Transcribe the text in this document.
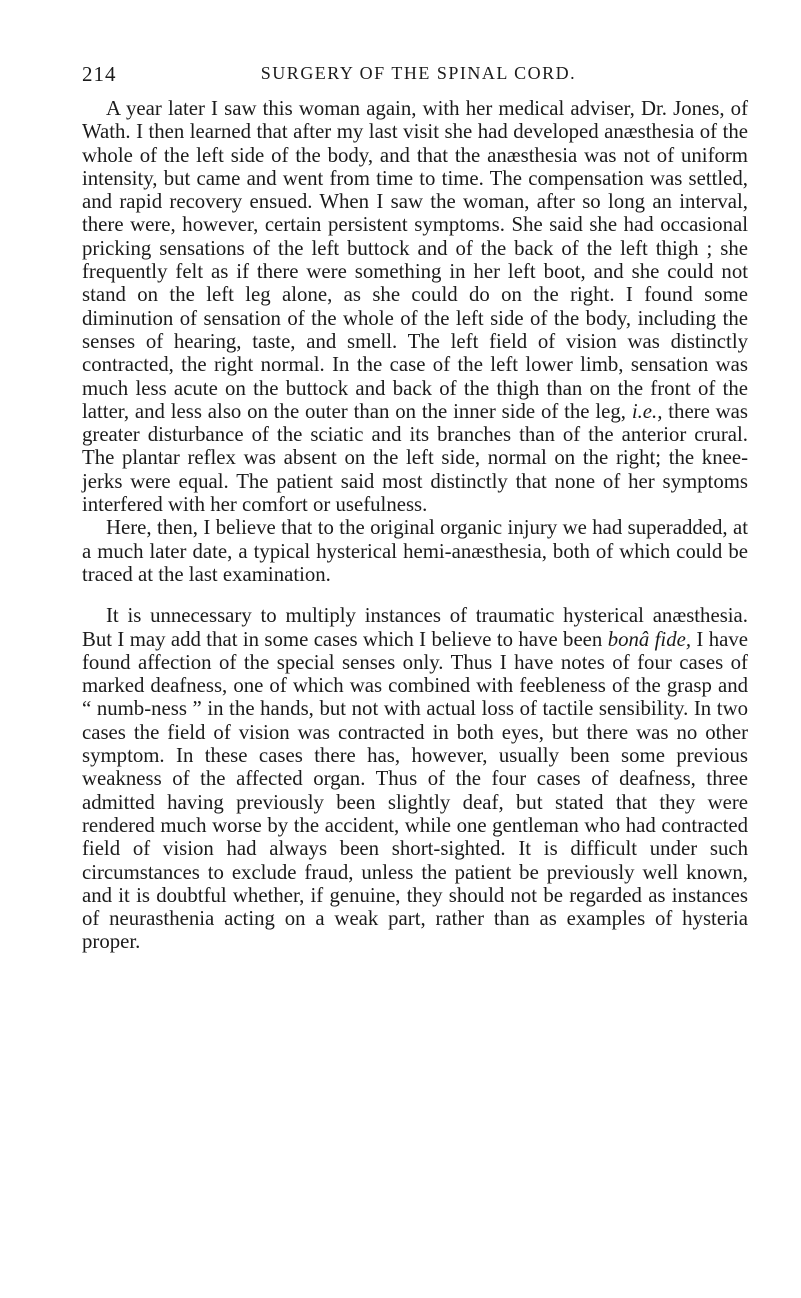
214	SURGERY OF THE SPINAL CORD.

A year later I saw this woman again, with her medical adviser, Dr. Jones, of Wath. I then learned that after my last visit she had developed anæsthesia of the whole of the left side of the body, and that the anæsthesia was not of uniform intensity, but came and went from time to time. The compensation was settled, and rapid recovery ensued. When I saw the woman, after so long an interval, there were, however, certain persistent symptoms. She said she had occasional pricking sensations of the left buttock and of the back of the left thigh ; she frequently felt as if there were something in her left boot, and she could not stand on the left leg alone, as she could do on the right. I found some diminution of sensation of the whole of the left side of the body, including the senses of hearing, taste, and smell. The left field of vision was distinctly contracted, the right normal. In the case of the left lower limb, sensation was much less acute on the buttock and back of the thigh than on the front of the latter, and less also on the outer than on the inner side of the leg, i.e., there was greater disturbance of the sciatic and its branches than of the anterior crural. The plantar reflex was absent on the left side, normal on the right; the knee-jerks were equal. The patient said most distinctly that none of her symptoms interfered with her comfort or usefulness.

Here, then, I believe that to the original organic injury we had superadded, at a much later date, a typical hysterical hemi-anæsthesia, both of which could be traced at the last examination.

It is unnecessary to multiply instances of traumatic hysterical anæsthesia. But I may add that in some cases which I believe to have been bonâ fide, I have found affection of the special senses only. Thus I have notes of four cases of marked deafness, one of which was combined with feebleness of the grasp and “ numb-ness ” in the hands, but not with actual loss of tactile sensibility. In two cases the field of vision was contracted in both eyes, but there was no other symptom. In these cases there has, however, usually been some previous weakness of the affected organ. Thus of the four cases of deafness, three admitted having previously been slightly deaf, but stated that they were rendered much worse by the accident, while one gentleman who had contracted field of vision had always been short-sighted. It is difficult under such circumstances to exclude fraud, unless the patient be previously well known, and it is doubtful whether, if genuine, they should not be regarded as instances of neurasthenia acting on a weak part, rather than as examples of hysteria proper.
